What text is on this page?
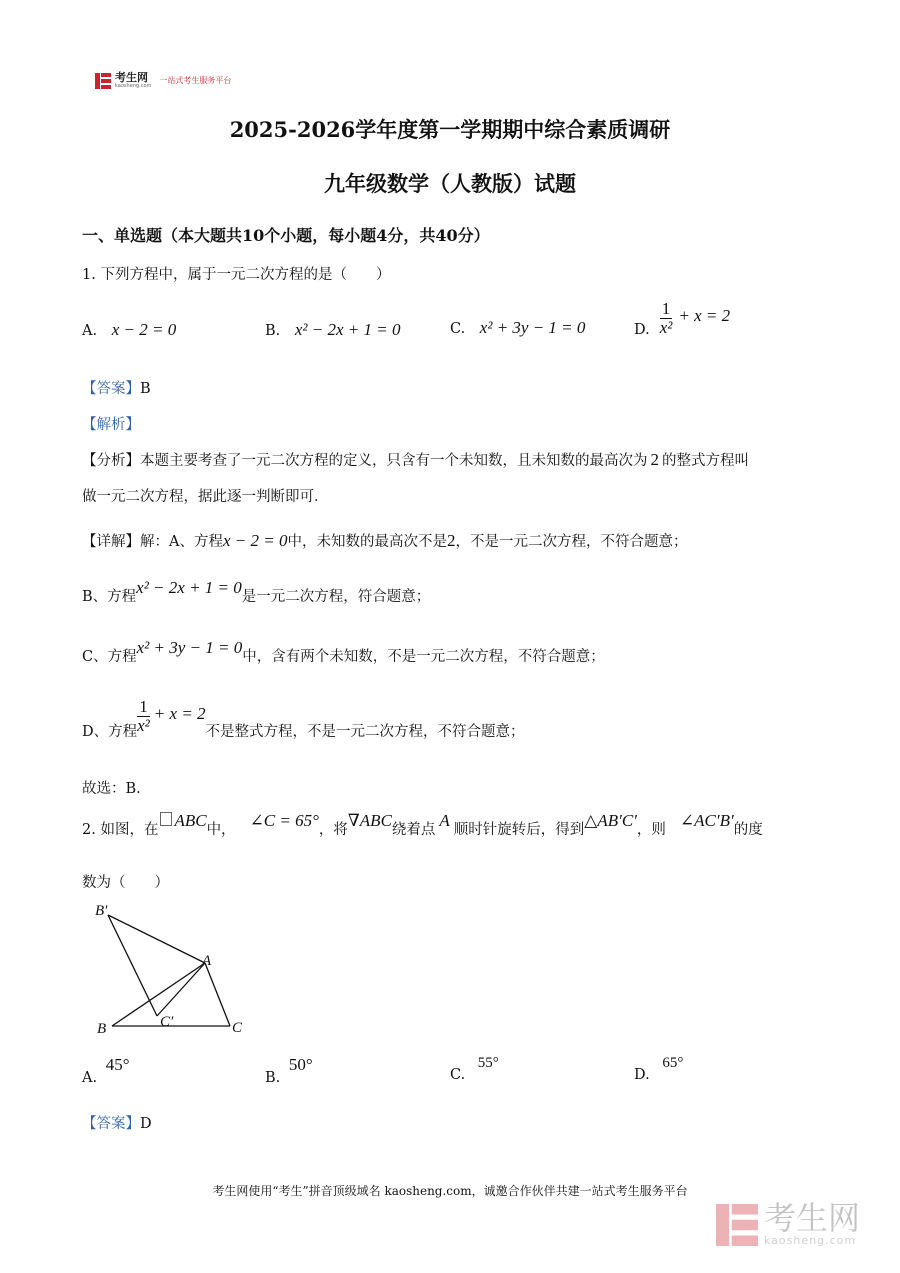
考生网
kaosheng.com
一站式考生服务平台
2025-2026学年度第一学期期中综合素质调研
九年级数学（人教版）试题
一、单选题（本大题共10个小题，每小题4分，共40分）
1. 下列方程中，属于一元二次方程的是（　　）
A. x − 2 = 0	B. x² − 2x + 1 = 0	C. x² + 3y − 1 = 0	D. $\frac{1}{\text{x²}} + x = 2$
【答案】B
【解析】
【分析】本题主要考查了一元二次方程的定义，只含有一个未知数，且未知数的最高次为 2 的整式方程叫
做一元二次方程，据此逐一判断即可．
【详解】解：A、方程x − 2 = 0中，未知数的最高次不是2，不是一元二次方程，不符合题意；
B、方程x² − 2x + 1 = 0是一元二次方程，符合题意；
C、方程x² + 3y − 1 = 0中，含有两个未知数，不是一元二次方程，不符合题意；
D、方程 $\frac{1}{\text{x²}} + x = 2$
不是整式方程，不是一元二次方程，不符合题意；
故选：B．
2. 如图，在 ABC中， ∠C = 65°，将∇ABC绕着点 A 顺时针旋转后，得到△AB′C′，则 ∠AC′B′的度
数为（　　）
B′
A
C′
B	C
A. 45°
B. 50°
C. 55°
D. 65°
【答案】D
考生网使用“考生”拼音顶级域名 kaosheng.com，诚邀合作伙伴共建一站式考生服务平台
考生网
kaosheng.com
